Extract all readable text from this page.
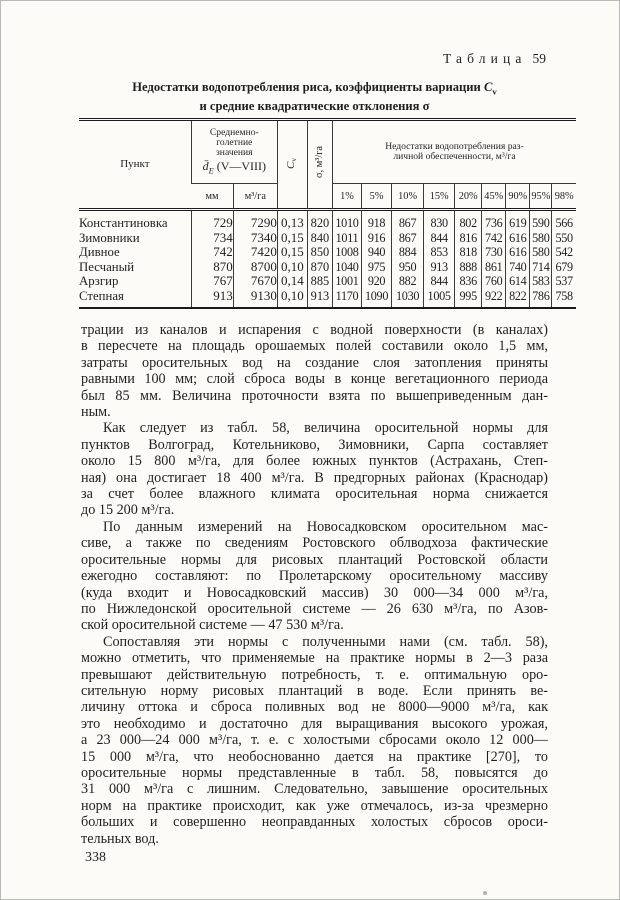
Таблица 59
Недостатки водопотребления риса, коэффициенты вариации $C_v$
и средние квадратические отклонения σ
Пункт	
Среднемно-
голетние
значения
$d̄_E$ (V—VIII)	$C_v$	σ, м³/га	
Недостатки водопотребления раз-
личной обеспеченности, м³/га

	мм	м³/га			1%	5%	10%	15%	20%	45%	90%	95%	98%
Константиновка	729	7290	0,13	820	1010	918	867	830	802	736	619	590	566
Зимовники	734	7340	0,15	840	1011	916	867	844	816	742	616	580	550
Дивное	742	7420	0,15	850	1008	940	884	853	818	730	616	580	542
Песчаный	870	8700	0,10	870	1040	975	950	913	888	861	740	714	679
Арзгир	767	7670	0,14	885	1001	920	882	844	836	760	614	583	537
Степная	913	9130	0,10	913	1170	1090	1030	1005	995	922	822	786	758
трации из каналов и испарения с водной поверхности (в каналах)
в пересчете на площадь орошаемых полей составили около 1,5 мм,
затраты оросительных вод на создание слоя затопления приняты
равными 100 мм; слой сброса воды в конце вегетационного периода
был 85 мм. Величина проточности взята по вышеприведенным дан-
ным.
Как следует из табл. 58, величина оросительной нормы для
пунктов Волгоград, Котельниково, Зимовники, Сарпа составляет
около 15 800 м³/га, для более южных пунктов (Астрахань, Степ-
ная) она достигает 18 400 м³/га. В предгорных районах (Краснодар)
за счет более влажного климата оросительная норма снижается
до 15 200 м³/га.
По данным измерений на Новосадковском оросительном мас-
сиве, а также по сведениям Ростовского облводхоза фактические
оросительные нормы для рисовых плантаций Ростовской области
ежегодно составляют: по Пролетарскому оросительному массиву
(куда входит и Новосадковский массив) 30 000—34 000 м³/га,
по Нижледонской оросительной системе — 26 630 м³/га, по Азов-
ской оросительной системе — 47 530 м³/га.
Сопоставляя эти нормы с полученными нами (см. табл. 58),
можно отметить, что применяемые на практике нормы в 2—3 раза
превышают действительную потребность, т. е. оптимальную оро-
сительную норму рисовых плантаций в воде. Если принять ве-
личину оттока и сброса поливных вод не 8000—9000 м³/га, как
это необходимо и достаточно для выращивания высокого урожая,
а 23 000—24 000 м³/га, т. е. с холостыми сбросами около 12 000—
15 000 м³/га, что необоснованно дается на практике [270], то
оросительные нормы представленные в табл. 58, повысятся до
31 000 м³/га с лишним. Следовательно, завышение оросительных
норм на практике происходит, как уже отмечалось, из-за чрезмерно
больших и совершенно неоправданных холостых сбросов ороси-
тельных вод.
338
